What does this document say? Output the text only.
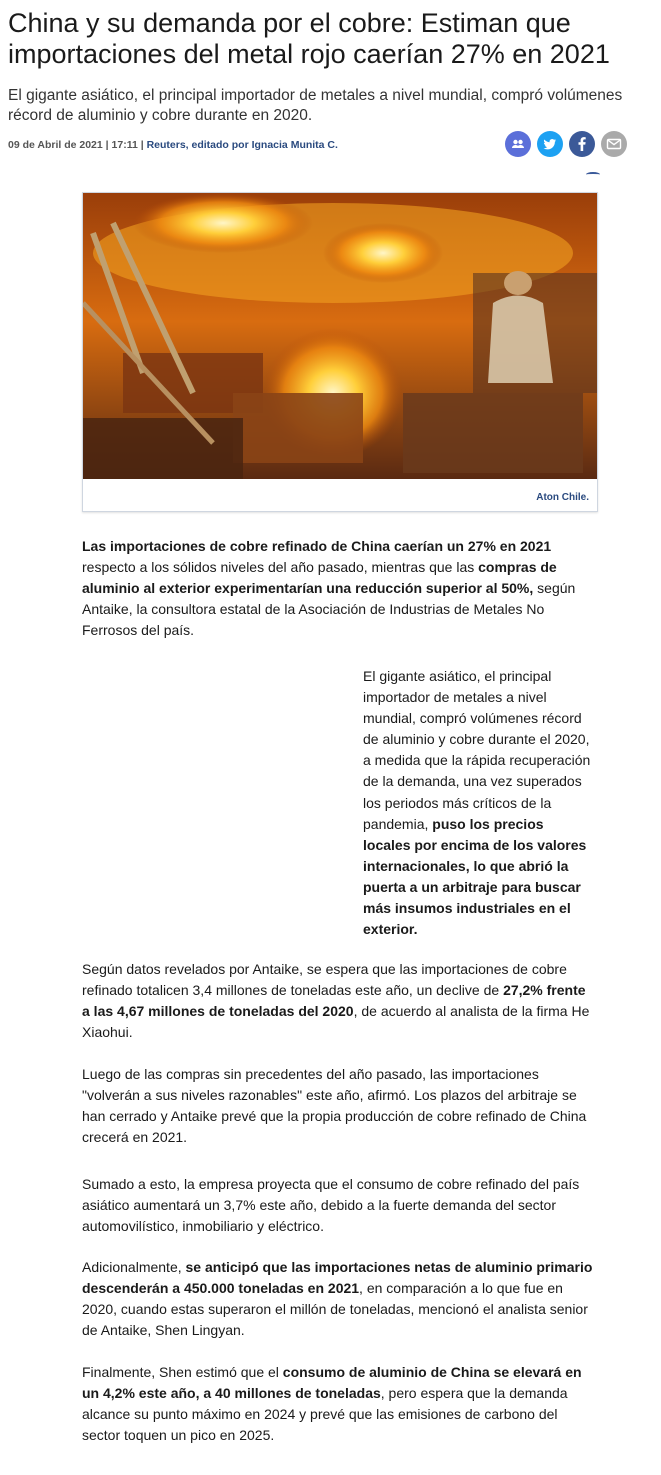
China y su demanda por el cobre: Estiman que importaciones del metal rojo caerían 27% en 2021

El gigante asiático, el principal importador de metales a nivel mundial, compró volúmenes récord de aluminio y cobre durante en 2020.

09 de Abril de 2021 | 17:11 | Reuters, editado por Ignacia Munita C.
Aton Chile.

Las importaciones de cobre refinado de China caerían un 27% en 2021 respecto a los sólidos niveles del año pasado, mientras que las compras de aluminio al exterior experimentarían una reducción superior al 50%, según Antaike, la consultora estatal de la Asociación de Industrias de Metales No Ferrosos del país.

El gigante asiático, el principal importador de metales a nivel mundial, compró volúmenes récord de aluminio y cobre durante el 2020, a medida que la rápida recuperación de la demanda, una vez superados los periodos más críticos de la pandemia, puso los precios locales por encima de los valores internacionales, lo que abrió la puerta a un arbitraje para buscar más insumos industriales en el exterior.

Según datos revelados por Antaike, se espera que las importaciones de cobre refinado totalicen 3,4 millones de toneladas este año, un declive de 27,2% frente a las 4,67 millones de toneladas del 2020, de acuerdo al analista de la firma He Xiaohui.

Luego de las compras sin precedentes del año pasado, las importaciones "volverán a sus niveles razonables" este año, afirmó. Los plazos del arbitraje se han cerrado y Antaike prevé que la propia producción de cobre refinado de China crecerá en 2021.

Sumado a esto, la empresa proyecta que el consumo de cobre refinado del país asiático aumentará un 3,7% este año, debido a la fuerte demanda del sector automovilístico, inmobiliario y eléctrico.

Adicionalmente, se anticipó que las importaciones netas de aluminio primario descenderán a 450.000 toneladas en 2021, en comparación a lo que fue en 2020, cuando estas superaron el millón de toneladas, mencionó el analista senior de Antaike, Shen Lingyan.

Finalmente, Shen estimó que el consumo de aluminio de China se elevará en un 4,2% este año, a 40 millones de toneladas, pero espera que la demanda alcance su punto máximo en 2024 y prevé que las emisiones de carbono del sector toquen un pico en 2025.
